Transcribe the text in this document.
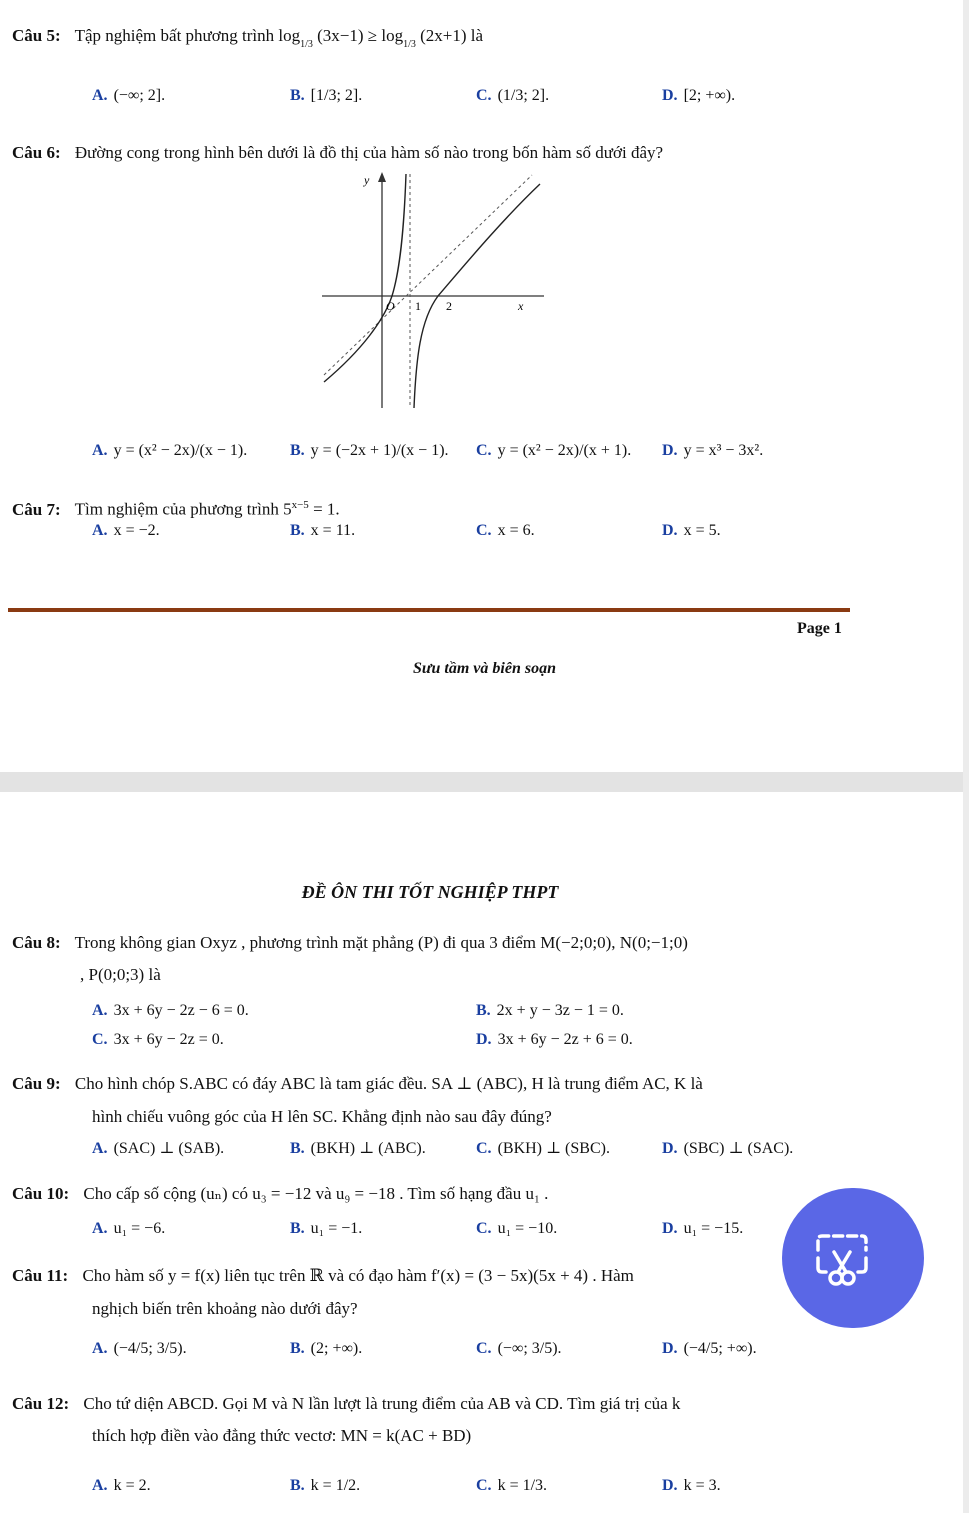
Câu 5: Tập nghiệm bất phương trình $\log_{1/3} (3x-1) \ge \log_{1/3} (2x+1)$ là
A. (−∞; 2].	B. [1/3; 2].	C. (1/3; 2].	D. [2; +∞).
Câu 6: Đường cong trong hình bên dưới là đồ thị của hàm số nào trong bốn hàm số dưới đây?
y
x
O 1 2
A. y = (x² − 2x)/(x − 1).	B. y = (−2x + 1)/(x − 1). C. y = (x² − 2x)/(x + 1). D. y = x³ − 3x².
Câu 7: Tìm nghiệm của phương trình $5^{x-5} = 1$.
A. x = −2.	B. x = 11.	C. x = 6.	D. x = 5.
Page 1
Sưu tầm và biên soạn
ĐỀ ÔN THI TỐT NGHIỆP THPT
Câu 8: Trong không gian Oxyz , phương trình mặt phẳng (P) đi qua 3 điểm M(−2;0;0), N(0;−1;0)
, P(0;0;3) là
A. 3x + 6y − 2z − 6 = 0.	B. 2x + y − 3z − 1 = 0.
C. 3x + 6y − 2z = 0.	D. 3x + 6y − 2z + 6 = 0.
Câu 9: Cho hình chóp S.ABC có đáy ABC là tam giác đều. SA ⊥ (ABC), H là trung điểm AC, K là
hình chiếu vuông góc của H lên SC. Khẳng định nào sau đây đúng?
A. (SAC) ⊥ (SAB).	B. (BKH) ⊥ (ABC).	C. (BKH) ⊥ (SBC).	D. (SBC) ⊥ (SAC).
Câu 10: Cho cấp số cộng (uₙ) có u₃ = −12 và u₉ = −18 . Tìm số hạng đầu u₁ .
A. u₁ = −6.	B. u₁ = −1.	C. u₁ = −10.	D. u₁ = −15.
Câu 11: Cho hàm số y = f(x) liên tục trên ℝ và có đạo hàm f′(x) = (3 − 5x)(5x + 4) . Hàm
nghịch biến trên khoảng nào dưới đây?
A. (−4/5; 3/5).	B. (2; +∞).	C. (−∞; 3/5).	D. (−4/5; +∞).
Câu 12: Cho tứ diện ABCD. Gọi M và N lần lượt là trung điểm của AB và CD. Tìm giá trị của k
thích hợp điền vào đẳng thức vectơ: MN = k(AC + BD)
A. k = 2.	B. k = 1/2.	C. k = 1/3.	D. k = 3.
